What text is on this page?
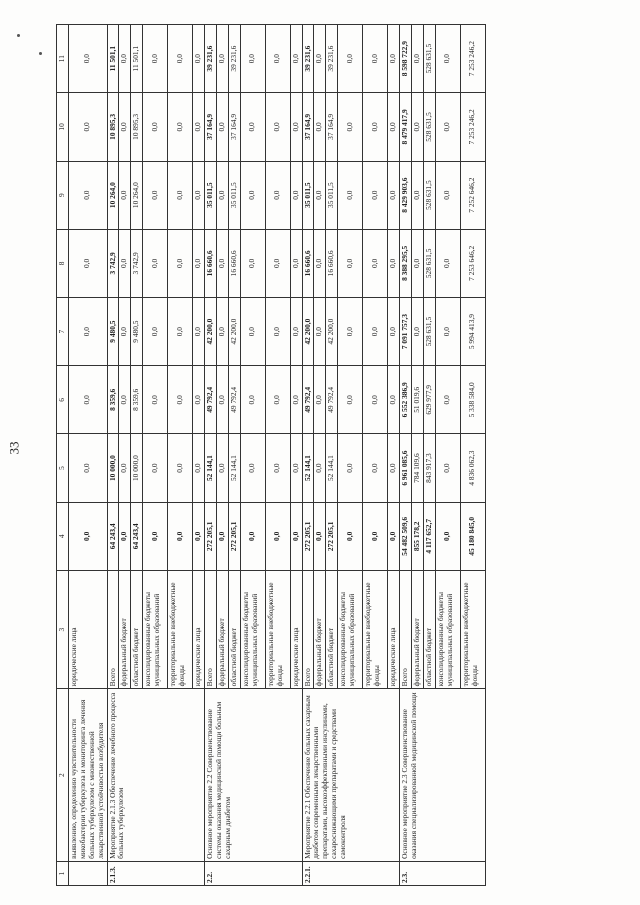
33
1	2	3	4	5	6	7	8	9	10	11
	выявлению, определению чувствительности микобактерии туберкулеза и мониторинга лечения больных туберкулезом с множественной лекарственной устойчивостью возбудителя	юридические лица	0,0	0,0	0,0	0,0	0,0	0,0	0,0	0,0
2.1.3.	Мероприятие 2.1.3 Обеспечение лечебного процесса больных туберкулезом	Всего	64 243,4	10 000,0	8 359,6	9 480,5	3 742,9	10 264,0	10 895,3	11 501,1
		федеральный бюджет	0,0	0,0	0,0	0,0	0,0	0,0	0,0	0,0
		областной бюджет	64 243,4	10 000,0	8 359,6	9 480,5	3 742,9	10 264,0	10 895,3	11 501,1
		консолидированные бюджеты муниципальных образований	0,0	0,0	0,0	0,0	0,0	0,0	0,0	0,0
		территориальные внебюджетные фонды	0,0	0,0	0,0	0,0	0,0	0,0	0,0	0,0
		юридические лица	0,0	0,0	0,0	0,0	0,0	0,0	0,0	0,0
2.2.	Основное мероприятие 2.2 Совершенствование системы оказания медицинской помощи больным сахарным диабетом	Всего	272 205,1	52 144,1	49 792,4	42 200,0	16 660,6	35 011,5	37 164,9	39 231,6
		федеральный бюджет	0,0	0,0	0,0	0,0	0,0	0,0	0,0	0,0
		областной бюджет	272 205,1	52 144,1	49 792,4	42 200,0	16 660,6	35 011,5	37 164,9	39 231,6
		консолидированные бюджеты муниципальных образований	0,0	0,0	0,0	0,0	0,0	0,0	0,0	0,0
		территориальные внебюджетные фонды	0,0	0,0	0,0	0,0	0,0	0,0	0,0	0,0
		юридические лица	0,0	0,0	0,0	0,0	0,0	0,0	0,0	0,0
2.2.1.	Мероприятие 2.2.1 Обеспечение больных сахарным диабетом современными лекарственными препаратами, высокоэффективными инсулинами, сахароснижающими препаратами и средствами самоконтроля	Всего	272 205,1	52 144,1	49 792,4	42 200,0	16 660,6	35 011,5	37 164,9	39 231,6
		федеральный бюджет	0,0	0,0	0,0	0,0	0,0	0,0	0,0	0,0
		областной бюджет	272 205,1	52 144,1	49 792,4	42 200,0	16 660,6	35 011,5	37 164,9	39 231,6
		консолидированные бюджеты муниципальных образований	0,0	0,0	0,0	0,0	0,0	0,0	0,0	0,0
		территориальные внебюджетные фонды	0,0	0,0	0,0	0,0	0,0	0,0	0,0	0,0
		юридические лица	0,0	0,0	0,0	0,0	0,0	0,0	0,0	0,0
2.3.	Основное мероприятие 2.3 Совершенствование оказания специализированной медицинской помощи	Всего	54 482 509,6	6 961 085,6	6 552 386,9	7 091 757,3	8 388 295,5	8 429 903,6	8 479 417,9	8 598 722,9
		федеральный бюджет	855 178,2	784 109,6	51 019,6	0,0	0,0	0,0	0,0	0,0
		областной бюджет	4 117 652,7	843 917,3	629 977,9	528 631,5	528 631,5	528 631,5	528 631,5	528 631,5
		консолидированные бюджеты муниципальных образований	0,0	0,0	0,0	0,0	0,0	0,0	0,0	0,0
		территориальные внебюджетные фонды	45 180 845,0	4 836 062,3	5 338 584,0	5 994 413,9	7 253 646,2	7 252 646,2	7 253 246,2	7 253 246,2
